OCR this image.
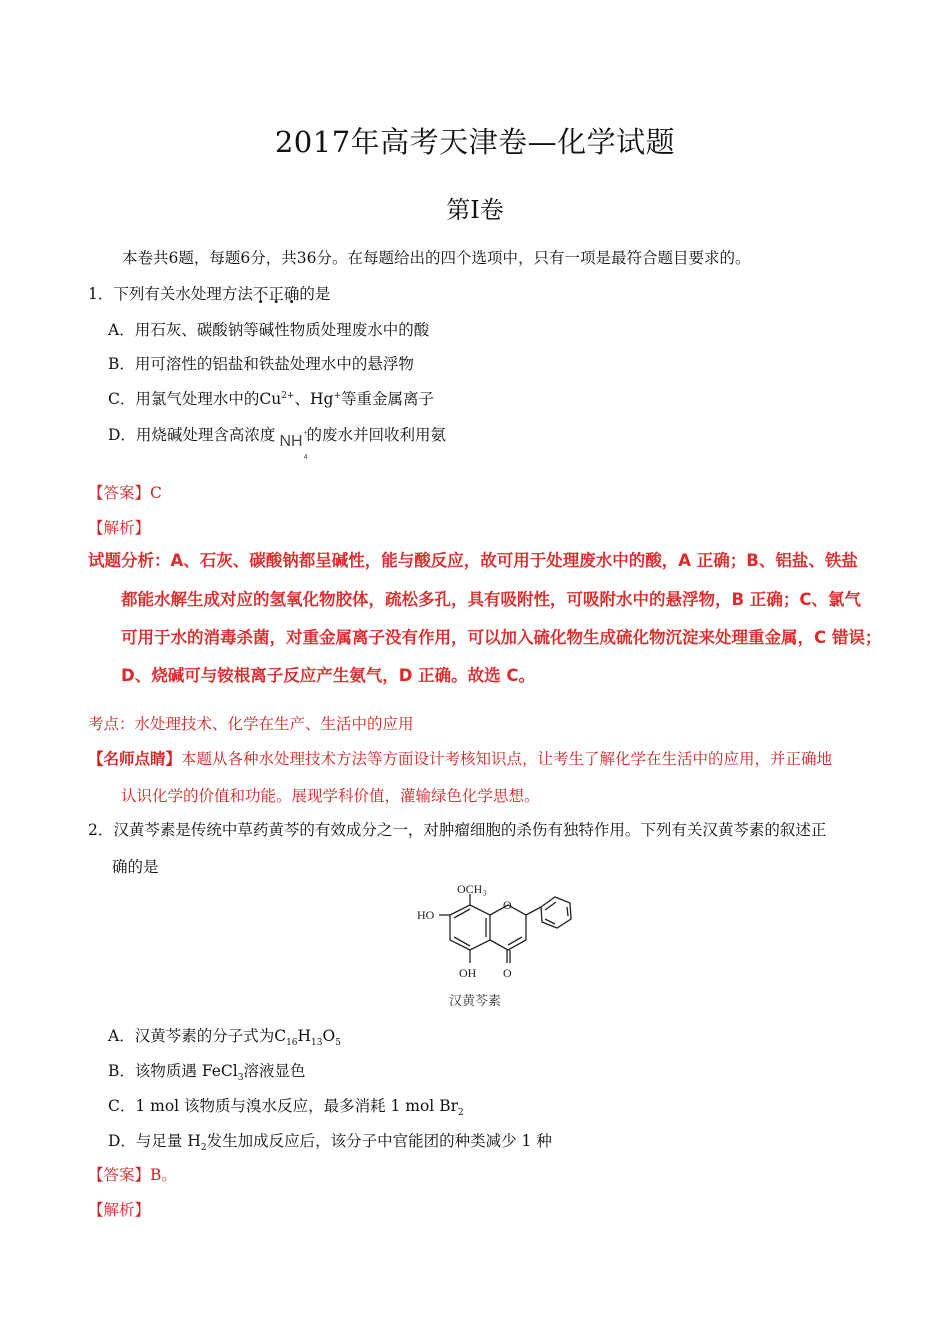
2017年高考天津卷—化学试题
第Ⅰ卷
本卷共6题，每题6分，共36分。在每题给出的四个选项中，只有一项是最符合题目要求的。
1．下列有关水处理方法不正确的是
A．用石灰、碳酸钠等碱性物质处理废水中的酸
B．用可溶性的铝盐和铁盐处理水中的悬浮物
C．用氯气处理水中的$Cu^{2+}$、Hg+等重金属离子
D．用烧碱处理含高浓度 NH +
4
的废水并回收利用氨
【答案】C
【解析】
试题分析：A、石灰、碳酸钠都呈碱性，能与酸反应，故可用于处理废水中的酸，A 正确；B、铝盐、铁盐
都能水解生成对应的氢氧化物胶体，疏松多孔，具有吸附性，可吸附水中的悬浮物，B 正确；C、氯气
可用于水的消毒杀菌，对重金属离子没有作用，可以加入硫化物生成硫化物沉淀来处理重金属，C 错误；
D、烧碱可与铵根离子反应产生氨气，D 正确。故选 C。
考点：水处理技术、化学在生产、生活中的应用
【名师点睛】本题从各种水处理技术方法等方面设计考核知识点，让考生了解化学在生活中的应用，并正确地
认识化学的价值和功能。展现学科价值，灌输绿色化学思想。
2．汉黄芩素是传统中草药黄芩的有效成分之一，对肿瘤细胞的杀伤有独特作用。下列有关汉黄芩素的叙述正
确的是
OCH₃
HO
O
OH O
汉黄芩素
A．汉黄芩素的分子式为$C_{16}H_{13}O_5$
B．该物质遇 FeCl$_3$溶液显色
C．1 mol 该物质与溴水反应，最多消耗 1 mol $Br_2$
D．与足量 $H_2$发生加成反应后，该分子中官能团的种类减少 1 种
【答案】B。
【解析】
